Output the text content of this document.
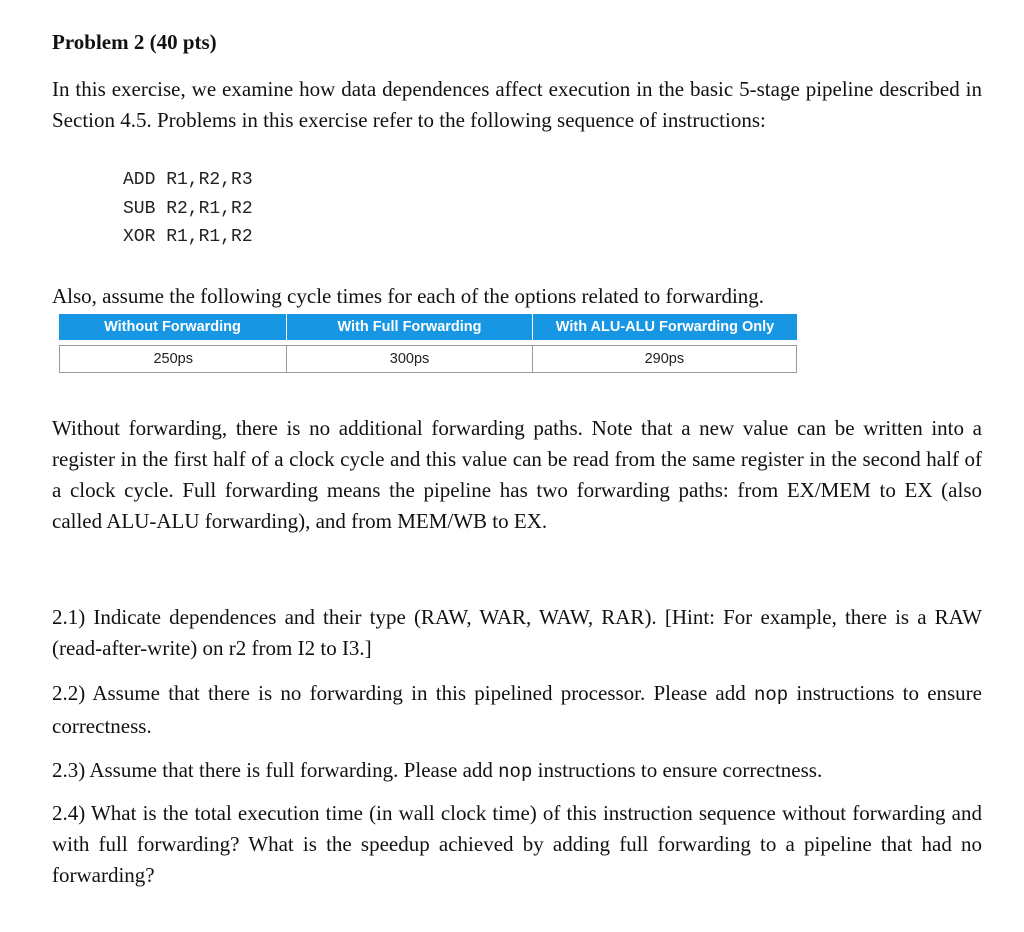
Problem 2 (40 pts)

In this exercise, we examine how data dependences affect execution in the basic 5-stage pipeline described in Section 4.5. Problems in this exercise refer to the following sequence of instructions:

ADD R1,R2,R3
SUB R2,R1,R2
XOR R1,R1,R2

Also, assume the following cycle times for each of the options related to forwarding.

Without Forwarding	With Full Forwarding	With ALU-ALU Forwarding Only
250ps	300ps	290ps

Without forwarding, there is no additional forwarding paths. Note that a new value can be written into a register in the first half of a clock cycle and this value can be read from the same register in the second half of a clock cycle. Full forwarding means the pipeline has two forwarding paths: from EX/MEM to EX (also called ALU-ALU forwarding), and from MEM/WB to EX.

2.1) Indicate dependences and their type (RAW, WAR, WAW, RAR). [Hint: For example, there is a RAW (read-after-write) on r2 from I2 to I3.]

2.2) Assume that there is no forwarding in this pipelined processor. Please add nop instructions to ensure correctness.

2.3) Assume that there is full forwarding. Please add nop instructions to ensure correctness.

2.4) What is the total execution time (in wall clock time) of this instruction sequence without forwarding and with full forwarding? What is the speedup achieved by adding full forwarding to a pipeline that had no forwarding?
